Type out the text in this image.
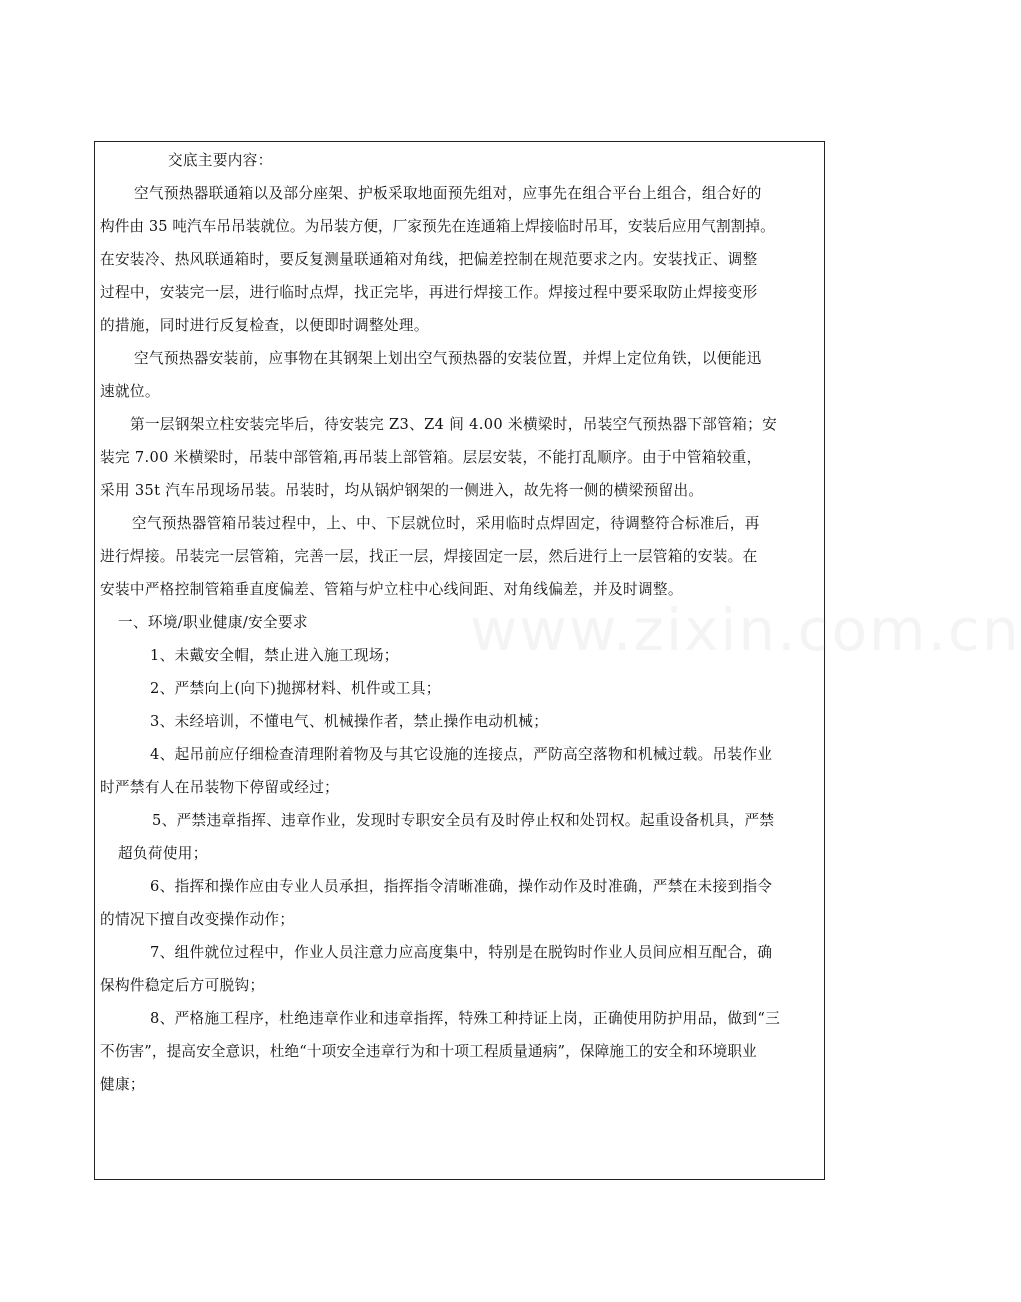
交底主要内容：
空气预热器联通箱以及部分座架、护板采取地面预先组对，应事先在组合平台上组合，组合好的
构件由 35 吨汽车吊吊装就位。为吊装方便，厂家预先在连通箱上焊接临时吊耳，安装后应用气割割掉。
在安装冷、热风联通箱时，要反复测量联通箱对角线，把偏差控制在规范要求之内。安装找正、调整
过程中，安装完一层，进行临时点焊，找正完毕，再进行焊接工作。焊接过程中要采取防止焊接变形
的措施，同时进行反复检查，以便即时调整处理。
空气预热器安装前，应事物在其钢架上划出空气预热器的安装位置，并焊上定位角铁，以便能迅
速就位。
第一层钢架立柱安装完毕后，待安装完 Z3、Z4 间 4.00 米横梁时，吊装空气预热器下部管箱；安
装完 7.00 米横梁时，吊装中部管箱,再吊装上部管箱。层层安装，不能打乱顺序。由于中管箱较重，
采用 35t 汽车吊现场吊装。吊装时，均从锅炉钢架的一侧进入，故先将一侧的横梁预留出。
空气预热器管箱吊装过程中，上、中、下层就位时，采用临时点焊固定，待调整符合标准后，再
进行焊接。吊装完一层管箱，完善一层，找正一层，焊接固定一层，然后进行上一层管箱的安装。在
安装中严格控制管箱垂直度偏差、管箱与炉立柱中心线间距、对角线偏差，并及时调整。
一、环境/职业健康/安全要求
1、未戴安全帽，禁止进入施工现场；
2、严禁向上(向下)抛掷材料、机件或工具；
3、未经培训，不懂电气、机械操作者，禁止操作电动机械；
4、起吊前应仔细检查清理附着物及与其它设施的连接点，严防高空落物和机械过载。吊装作业
时严禁有人在吊装物下停留或经过；
5、严禁违章指挥、违章作业，发现时专职安全员有及时停止权和处罚权。起重设备机具，严禁
超负荷使用；
6、指挥和操作应由专业人员承担，指挥指令清晰准确，操作动作及时准确，严禁在未接到指令
的情况下擅自改变操作动作；
7、组件就位过程中，作业人员注意力应高度集中，特别是在脱钩时作业人员间应相互配合，确
保构件稳定后方可脱钩；
8、严格施工程序，杜绝违章作业和违章指挥，特殊工种持证上岗，正确使用防护用品，做到“三
不伤害”，提高安全意识，杜绝“十项安全违章行为和十项工程质量通病”，保障施工的安全和环境职业
健康；
www.zixin.com.cn
